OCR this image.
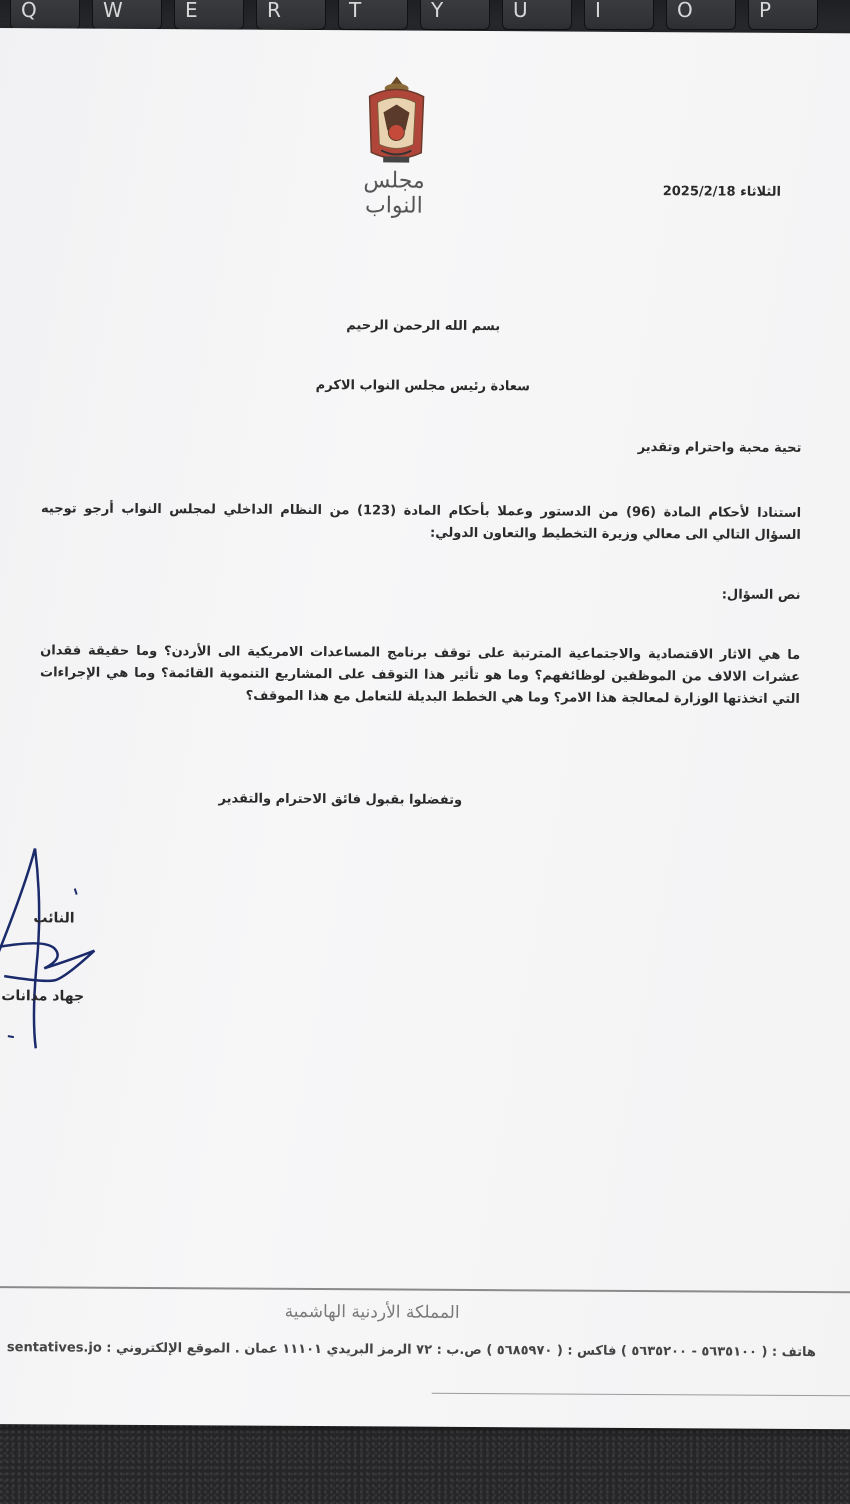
Q	W	E	R	T	Y	U	I	O	P
مجلس النواب
الثلاثاء 2025/2/18
بسم الله الرحمن الرحيم
سعادة رئيس مجلس النواب الاكرم
تحية محبة واحترام وتقدير
استنادا لأحكام المادة (96) من الدستور وعملا بأحكام المادة (123) من النظام الداخلي لمجلس النواب أرجو توجيه السؤال التالي الى معالي وزيرة التخطيط والتعاون الدولي:
نص السؤال:
ما هي الاثار الاقتصادية والاجتماعية المترتبة على توقف برنامج المساعدات الامريكية الى الأردن؟ وما حقيقة فقدان عشرات الالاف من الموظفين لوظائفهم؟ وما هو تأثير هذا التوقف على المشاريع التنموية القائمة؟ وما هي الإجراءات التي اتخذتها الوزارة لمعالجة هذا الامر؟ وما هي الخطط البديلة للتعامل مع هذا الموقف؟
وتفضلوا بقبول فائق الاحترام والتقدير
النائب
جهاد مدانات
المملكة الأردنية الهاشمية
هاتف : ( ٥٦٣٥١٠٠ - ٥٦٣٥٢٠٠ ) فاكس : ( ٥٦٨٥٩٧٠ ) ص.ب : ٧٢ الرمز البريدي ١١١٠١ عمان . الموقع الإلكتروني : sentatives.jo
